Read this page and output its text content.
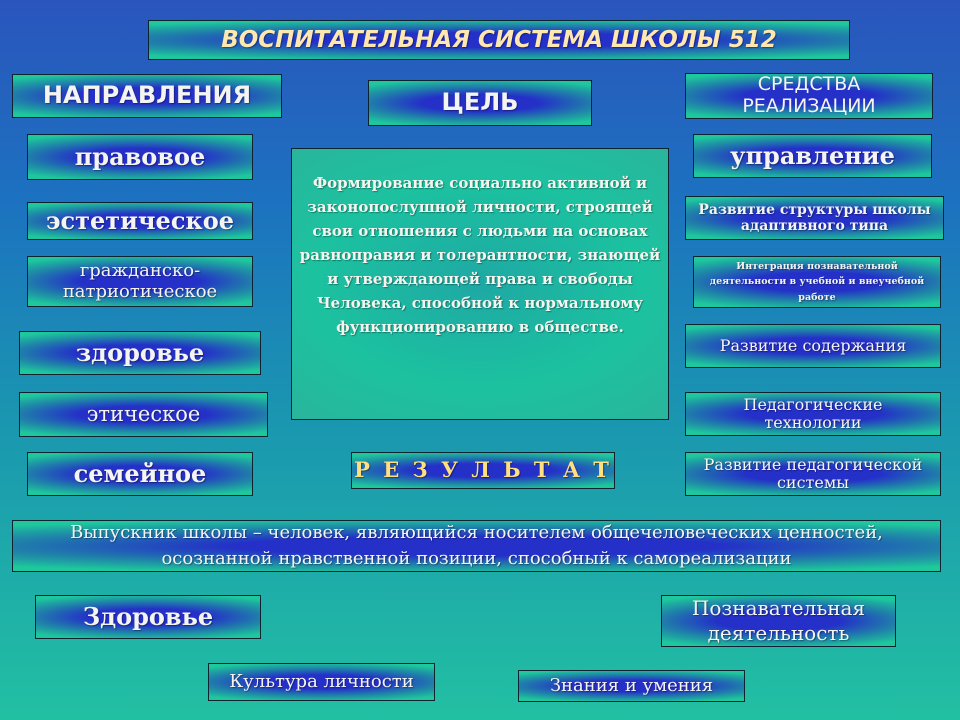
ВОСПИТАТЕЛЬНАЯ СИСТЕМА ШКОЛЫ 512
НАПРАВЛЕНИЯ	ЦЕЛЬ
СРЕДСТВА РЕАЛИЗАЦИИ
правовое
эстетическое
гражданско-патриотическое
здоровье
этическое
семейное
Формирование социально активной и законопослушной личности, строящей свои отношения с людьми на основах равноправия и толерантности, знающей и утверждающей права и свободы Человека, способной к нормальному функционированию в обществе.
Р Е З У Л Ь Т А Т
управление
Развитие структуры школы адаптивного типа
Интеграция познавательной деятельности в учебной и внеучебной работе
Развитие содержания
Педагогические технологии
Развитие педагогической системы
Выпускник школы – человек, являющийся носителем общечеловеческих ценностей, осознанной нравственной позиции, способный к самореализации
Здоровье	Познавательная деятельность
Культура личности	Знания и умения
